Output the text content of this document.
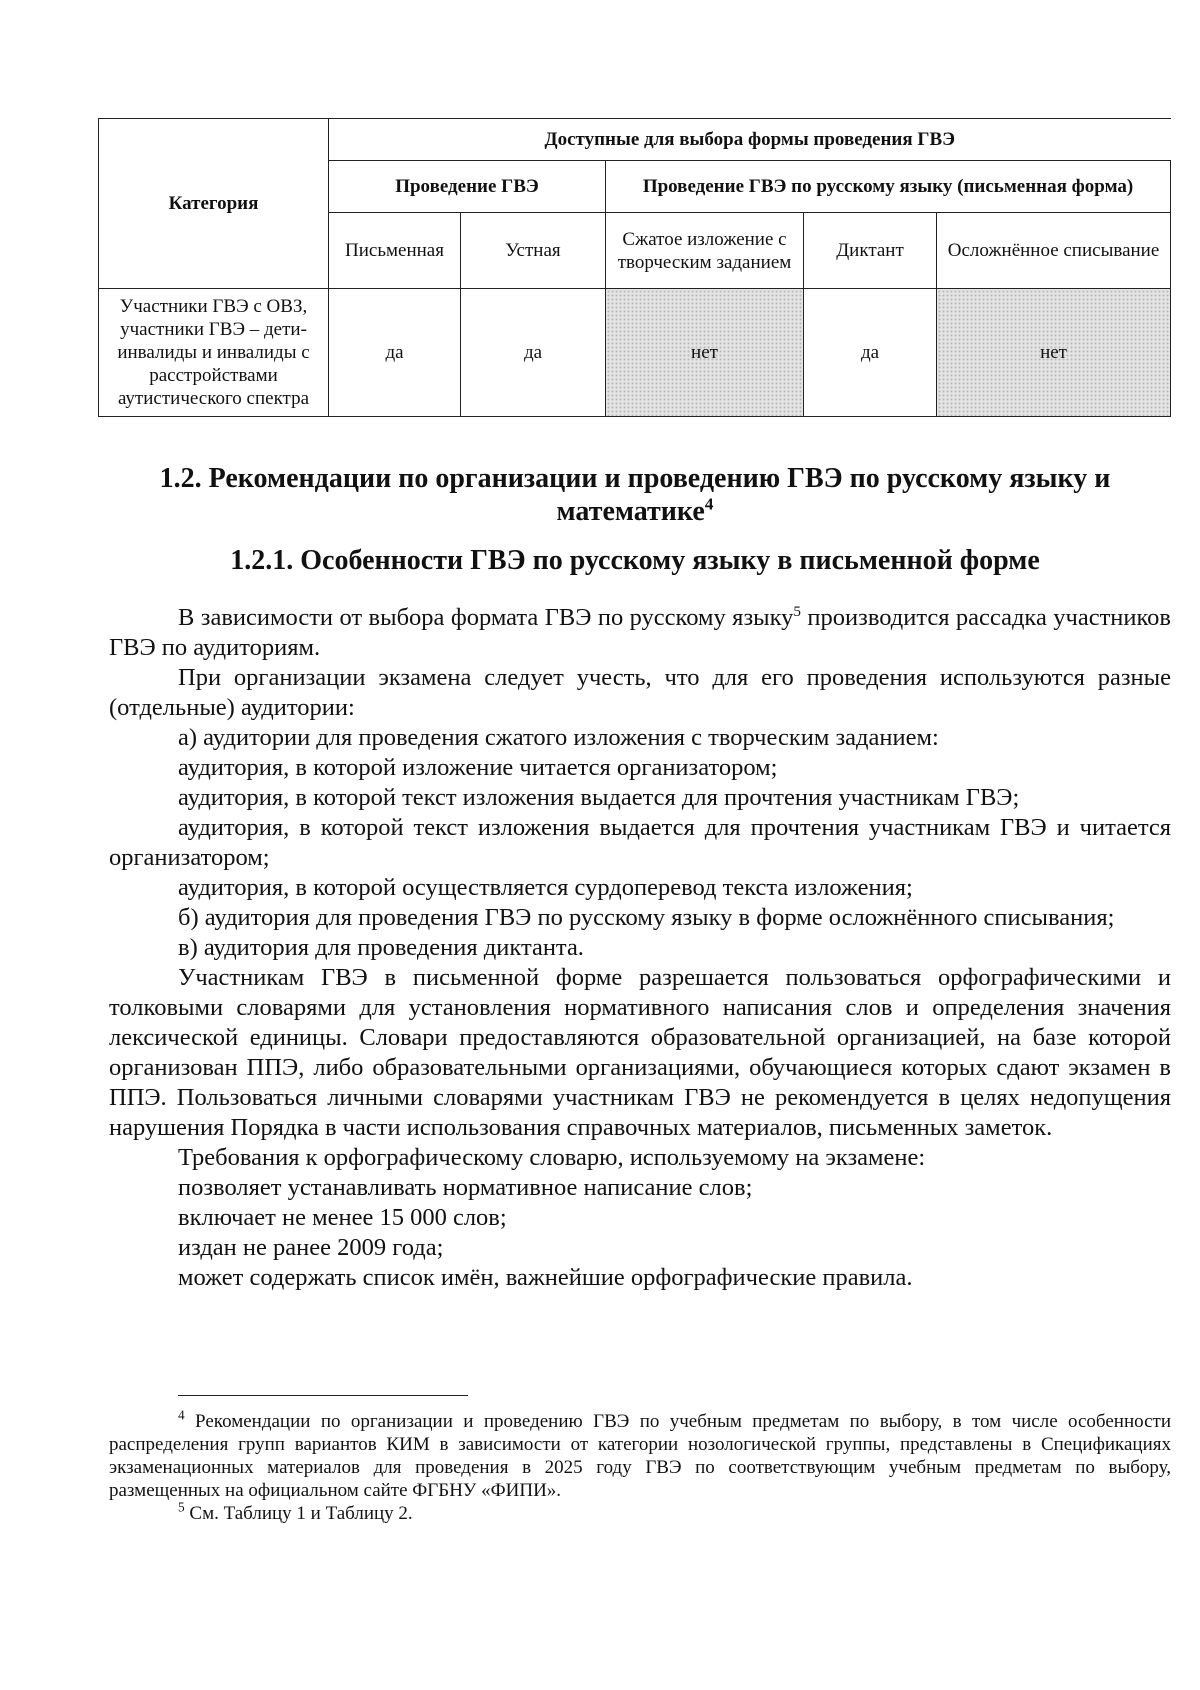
Категория	Доступные для выбора формы проведения ГВЭ				
	Проведение ГВЭ		Проведение ГВЭ по русскому языку (письменная форма)		
	Письменная	Устная	Сжатое изложение с творческим заданием	Диктант	Осложнённое списывание
Участники ГВЭ с ОВЗ, участники ГВЭ – дети-инвалиды и инвалиды с расстройствами аутистического спектра	да	да	нет	да	нет
1.2. Рекомендации по организации и проведению ГВЭ по русскому языку и математике$^4$
1.2.1. Особенности ГВЭ по русскому языку в письменной форме

В зависимости от выбора формата ГВЭ по русскому языку$^5$ производится рассадка участников ГВЭ по аудиториям.

При организации экзамена следует учесть, что для его проведения используются разные (отдельные) аудитории:

а) аудитории для проведения сжатого изложения с творческим заданием:

аудитория, в которой изложение читается организатором;

аудитория, в которой текст изложения выдается для прочтения участникам ГВЭ;

аудитория, в которой текст изложения выдается для прочтения участникам ГВЭ и читается организатором;

аудитория, в которой осуществляется сурдоперевод текста изложения;

б) аудитория для проведения ГВЭ по русскому языку в форме осложнённого списывания;

в) аудитория для проведения диктанта.

Участникам ГВЭ в письменной форме разрешается пользоваться орфографическими и толковыми словарями для установления нормативного написания слов и определения значения лексической единицы. Словари предоставляются образовательной организацией, на базе которой организован ППЭ, либо образовательными организациями, обучающиеся которых сдают экзамен в ППЭ. Пользоваться личными словарями участникам ГВЭ не рекомендуется в целях недопущения нарушения Порядка в части использования справочных материалов, письменных заметок.

Требования к орфографическому словарю, используемому на экзамене:

позволяет устанавливать нормативное написание слов;

включает не менее 15 000 слов;

издан не ранее 2009 года;

может содержать список имён, важнейшие орфографические правила.

$^4$ Рекомендации по организации и проведению ГВЭ по учебным предметам по выбору, в том числе особенности распределения групп вариантов КИМ в зависимости от категории нозологической группы, представлены в Спецификациях экзаменационных материалов для проведения в 2025 году ГВЭ по соответствующим учебным предметам по выбору, размещенных на официальном сайте ФГБНУ «ФИПИ».

$^5$ См. Таблицу 1 и Таблицу 2.
